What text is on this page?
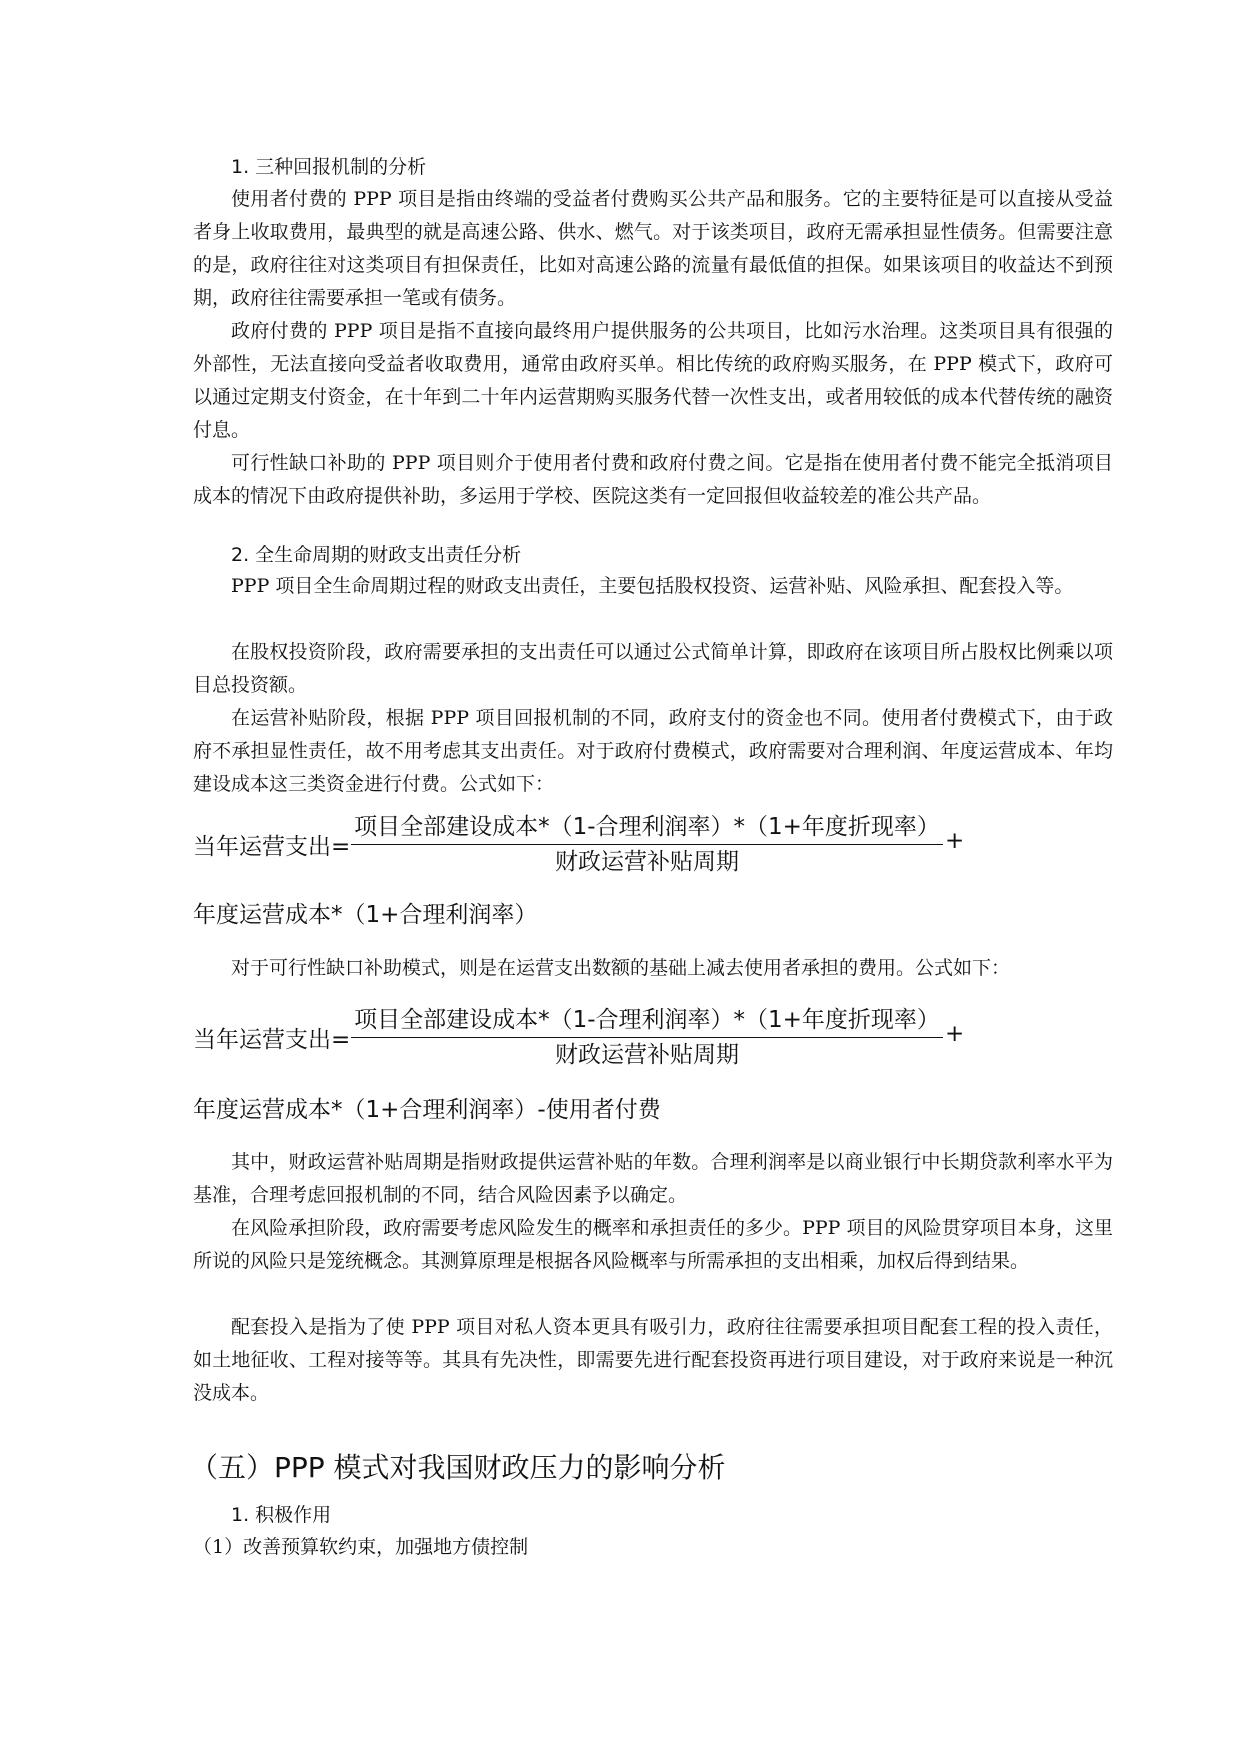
1. 三种回报机制的分析

使用者付费的 PPP 项目是指由终端的受益者付费购买公共产品和服务。它的主要特征是可以直接从受益者身上收取费用，最典型的就是高速公路、供水、燃气。对于该类项目，政府无需承担显性债务。但需要注意的是，政府往往对这类项目有担保责任，比如对高速公路的流量有最低值的担保。如果该项目的收益达不到预期，政府往往需要承担一笔或有债务。

政府付费的 PPP 项目是指不直接向最终用户提供服务的公共项目，比如污水治理。这类项目具有很强的外部性，无法直接向受益者收取费用，通常由政府买单。相比传统的政府购买服务，在 PPP 模式下，政府可以通过定期支付资金，在十年到二十年内运营期购买服务代替一次性支出，或者用较低的成本代替传统的融资付息。

可行性缺口补助的 PPP 项目则介于使用者付费和政府付费之间。它是指在使用者付费不能完全抵消项目成本的情况下由政府提供补助，多运用于学校、医院这类有一定回报但收益较差的准公共产品。

2. 全生命周期的财政支出责任分析

PPP 项目全生命周期过程的财政支出责任，主要包括股权投资、运营补贴、风险承担、配套投入等。

在股权投资阶段，政府需要承担的支出责任可以通过公式简单计算，即政府在该项目所占股权比例乘以项目总投资额。

在运营补贴阶段，根据 PPP 项目回报机制的不同，政府支付的资金也不同。使用者付费模式下，由于政府不承担显性责任，故不用考虑其支出责任。对于政府付费模式，政府需要对合理利润、年度运营成本、年均建设成本这三类资金进行付费。公式如下：

当年运营支出=
项目全部建设成本*（1-合理利润率）*（1+年度折现率）
财政运营补贴周期
+

年度运营成本*（1+合理利润率）

对于可行性缺口补助模式，则是在运营支出数额的基础上减去使用者承担的费用。公式如下：

当年运营支出=
项目全部建设成本*（1-合理利润率）*（1+年度折现率）
财政运营补贴周期
+

年度运营成本*（1+合理利润率）-使用者付费

其中，财政运营补贴周期是指财政提供运营补贴的年数。合理利润率是以商业银行中长期贷款利率水平为基准，合理考虑回报机制的不同，结合风险因素予以确定。

在风险承担阶段，政府需要考虑风险发生的概率和承担责任的多少。PPP 项目的风险贯穿项目本身，这里所说的风险只是笼统概念。其测算原理是根据各风险概率与所需承担的支出相乘，加权后得到结果。

配套投入是指为了使 PPP 项目对私人资本更具有吸引力，政府往往需要承担项目配套工程的投入责任，如土地征收、工程对接等等。其具有先决性，即需要先进行配套投资再进行项目建设，对于政府来说是一种沉没成本。

（五）PPP 模式对我国财政压力的影响分析

1. 积极作用

（1）改善预算软约束，加强地方债控制
